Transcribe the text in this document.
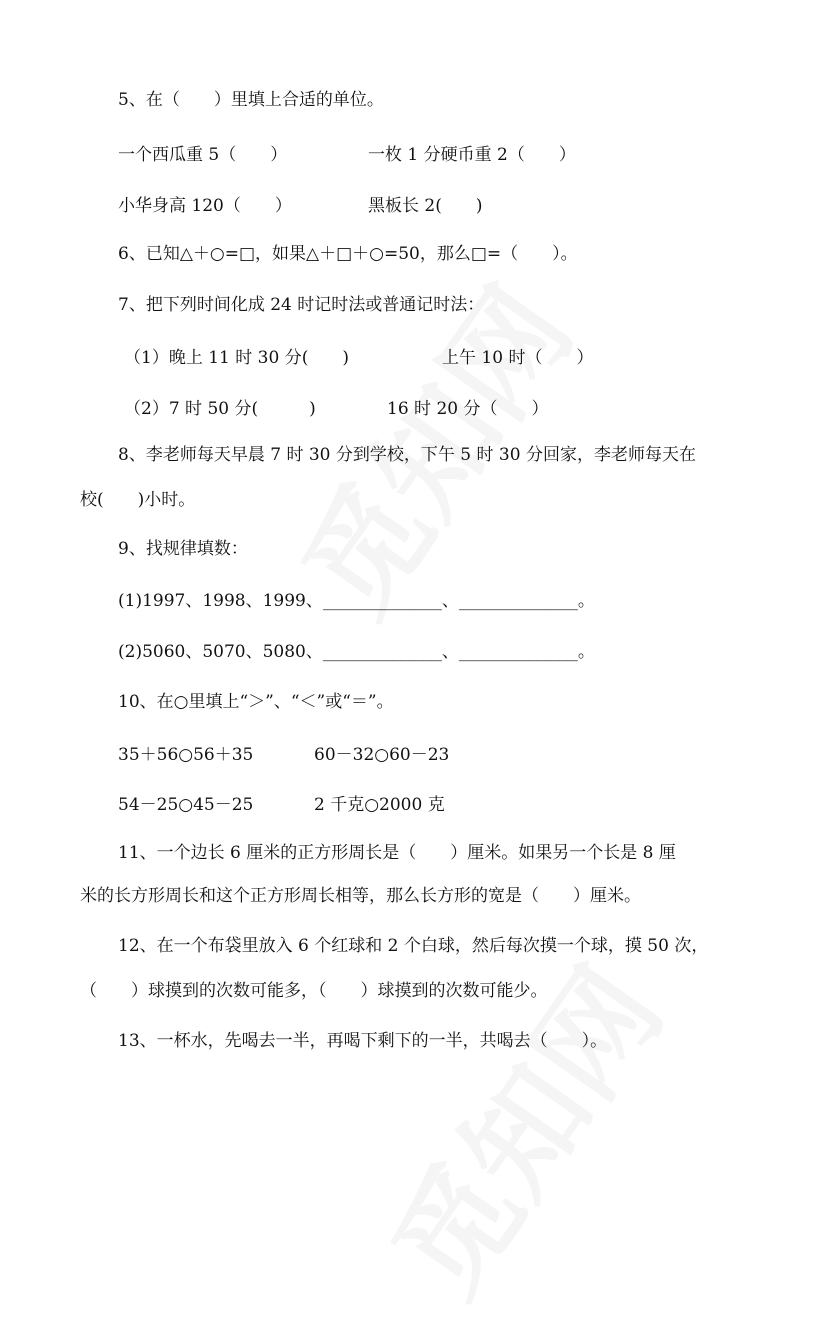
5、在（　　）里填上合适的单位。
一个西瓜重 5（　　）	一枚 1 分硬币重 2（　　）
小华身高 120（　　）	黑板长 2(　　)
6、已知△＋○=□，如果△＋□＋○=50，那么□=（　　）。
7、把下列时间化成 24 时记时法或普通记时法：
（1）晚上 11 时 30 分(　　)	上午 10 时（　　）
（2）7 时 50 分(　　　)	16 时 20 分（　　）
8、李老师每天早晨 7 时 30 分到学校，下午 5 时 30 分回家，李老师每天在
校(　　)小时。
9、找规律填数：
(1)1997、1998、1999、______________、______________。
(2)5060、5070、5080、______________、______________。
10、在○里填上“＞”、“＜”或“＝”。
35＋56○56＋35	60－32○60－23
54－25○45－25	2 千克○2000 克
11、一个边长 6 厘米的正方形周长是（　　）厘米。如果另一个长是 8 厘
米的长方形周长和这个正方形周长相等，那么长方形的宽是（　　）厘米。
12、在一个布袋里放入 6 个红球和 2 个白球，然后每次摸一个球，摸 50 次，
（　　）球摸到的次数可能多，（　　）球摸到的次数可能少。
13、一杯水，先喝去一半，再喝下剩下的一半，共喝去（　　）。
